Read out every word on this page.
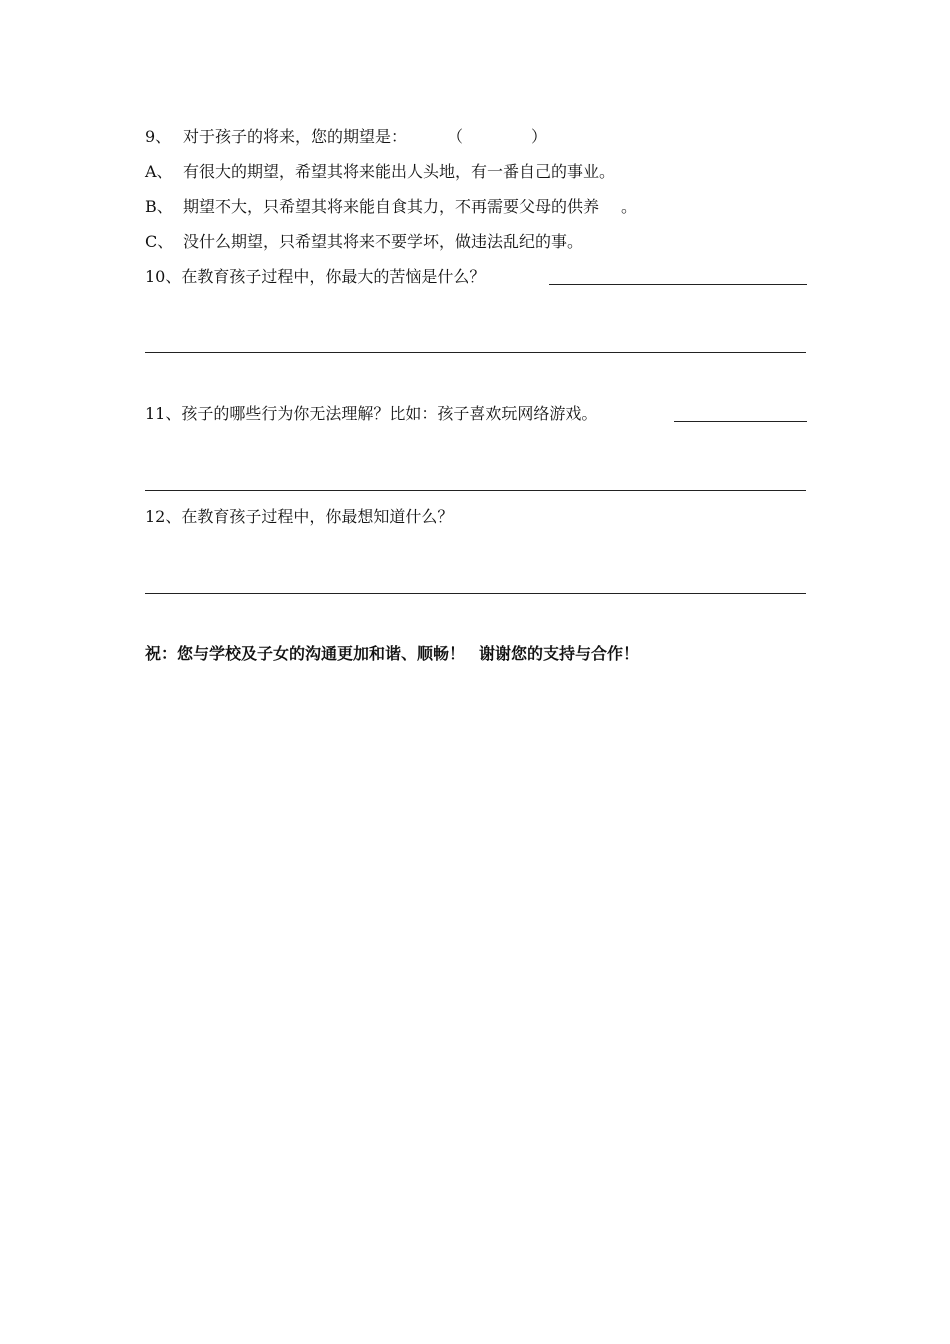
9、 对于孩子的将来，您的期望是：	（	）
A、 有很大的期望，希望其将来能出人头地，有一番自己的事业。
B、 期望不大，只希望其将来能自食其力，不再需要父母的供养 。
C、 没什么期望，只希望其将来不要学坏，做违法乱纪的事。
10、在教育孩子过程中，你最大的苦恼是什么？
11、孩子的哪些行为你无法理解？比如：孩子喜欢玩网络游戏。
12、在教育孩子过程中，你最想知道什么？
祝：您与学校及子女的沟通更加和谐、顺畅！ 谢谢您的支持与合作！
